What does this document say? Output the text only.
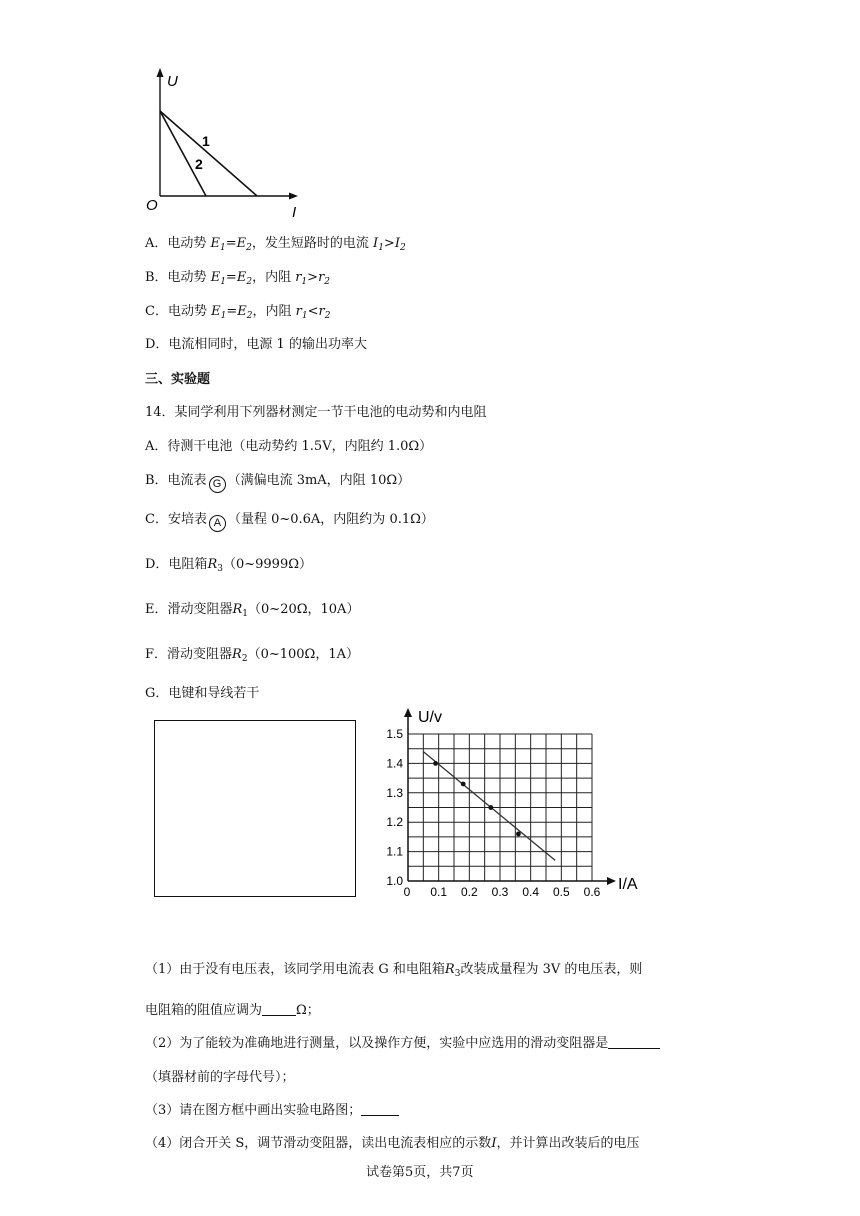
U
O	I
1
2
A．电动势 $E_1=E_2$，发生短路时的电流 $I_1>I_2$
B．电动势 $E_1=E_2$，内阻 $r_1>r_2$
C．电动势 $E_1=E_2$，内阻 $r_1<r_2$
D．电流相同时，电源 1 的输出功率大
三、实验题
14．某同学利用下列器材测定一节干电池的电动势和内电阻
A．待测干电池（电动势约 1.5V，内阻约 1.0Ω）
B．电流表 G （满偏电流 3mA，内阻 10Ω）
C．安培表 A （量程 0~0.6A，内阻约为 0.1Ω）
D．电阻箱$R_3(0\sim 9999\Omega)$
E．滑动变阻器$R_1(0\sim 20\Omega$，10A）
F．滑动变阻器$R_2(0\sim 100\Omega$，1A）
G．电键和导线若干
U/v
I/A
1.0
1.1
1.2
1.3
1.4
1.5
0 0.1 0.2 0.3 0.4 0.5 0.6
（1）由于没有电压表，该同学用电流表 G 和电阻箱$R_3$改装成量程为 3V 的电压表，则
电阻箱的阻值应调为	Ω；
（2）为了能较为准确地进行测量，以及操作方便，实验中应选用的滑动变阻器是
（填器材前的字母代号）；
（3）请在图方框中画出实验电路图；
（4）闭合开关 S，调节滑动变阻器，读出电流表相应的示数I，并计算出改装后的电压
试卷第5页，共7页
